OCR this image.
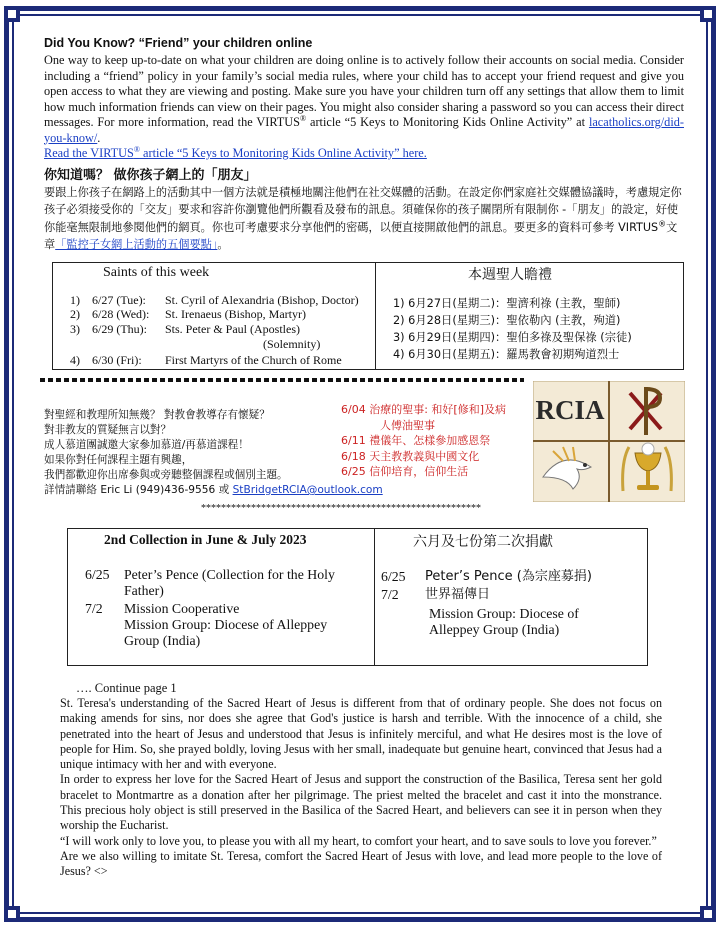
Did You Know? “Friend” your children online

One way to keep up-to-date on what your children are doing online is to actively follow their accounts on social media. Consider including a “friend” policy in your family’s social media rules, where your child has to accept your friend request and give you open access to what they are viewing and posting. Make sure you have your children turn off any settings that allow them to limit how much information friends can view on their pages. You might also consider sharing a password so you can access their direct messages. For more information, read the VIRTUS® article “5 Keys to Monitoring Kids Online Activity” at lacatholics.org/did-you-know/.
Read the VIRTUS® article “5 Keys to Monitoring Kids Online Activity” here.

你知道嗎？ 做你孩子網上的「朋友」

要跟上你孩子在網路上的活動其中一個方法就是積極地關注他們在社交媒體的活動。在設定你們家庭社交媒體協議時，考慮規定你孩子必須接受你的「交友」要求和容許你瀏覽他們所觀看及發布的訊息。須確保你的孩子關閉所有限制你 -「朋友」的設定，好使你能毫無限制地參閱他們的網頁。你也可考慮要求分享他們的密碼，以便直接開啟他們的訊息。要更多的資料可參考 VIRTUS®文章「監控子女網上活動的五個要點」。

Saints of this week
1) 6/27 (Tue): St. Cyril of Alexandria (Bishop, Doctor)
2) 6/28 (Wed): St. Irenaeus (Bishop, Martyr)
3) 6/29 (Thu): Sts. Peter & Paul (Apostles)
(Solemnity)
4) 6/30 (Fri): First Martyrs of the Church of Rome
本週聖人瞻禮
1) 6月27日(星期二)：聖濟利祿 (主教，聖師)
2) 6月28日(星期三)：聖依勒內 (主教，殉道)
3) 6月29日(星期四)：聖伯多祿及聖保祿 (宗徒)
4) 6月30日(星期五)：羅馬教會初期殉道烈士
對聖經和教理所知無幾？ 對教會教導存有懷疑？
對非教友的質疑無言以對？
成人慕道團誠邀大家參加慕道/再慕道課程！
如果你對任何課程主題有興趣，
我們都歡迎你出席參與或旁聽整個課程或個別主題。
詳情請聯絡 Eric Li (949)436-9556 或 StBridgetRCIA@outlook.com
6/04 治療的聖事: 和好[修和]及病
人傅油聖事
6/11 禮儀年、怎樣參加感恩祭
6/18 天主教教義與中國文化
6/25 信仰培育，信仰生活
RCIA
********************************************************
2nd Collection in June & July 2023
6/25 Peter’s Pence (Collection for the Holy
Father)
7/2 Mission Cooperative
Mission Group: Diocese of Alleppey
Group (India)
六月及七份第二次捐獻
6/25 Peter’s Pence (為宗座募捐)
7/2 世界福傳日
Mission Group: Diocese of
Alleppey Group (India)
…. Continue page 1

St. Teresa's understanding of the Sacred Heart of Jesus is different from that of ordinary people. She does not focus on making amends for sins, nor does she agree that God's justice is harsh and terrible. With the innocence of a child, she penetrated into the heart of Jesus and understood that Jesus is infinitely merciful, and what He desires most is the love of people for Him. So, she prayed boldly, loving Jesus with her small, inadequate but genuine heart, convinced that Jesus had a unique intimacy with her and with everyone.

In order to express her love for the Sacred Heart of Jesus and support the construction of the Basilica, Teresa sent her gold bracelet to Montmartre as a donation after her pilgrimage. The priest melted the bracelet and cast it into the monstrance. This precious holy object is still preserved in the Basilica of the Sacred Heart, and believers can see it in person when they worship the Eucharist.

“I will work only to love you, to please you with all my heart, to comfort your heart, and to save souls to love you forever.”

Are we also willing to imitate St. Teresa, comfort the Sacred Heart of Jesus with love, and lead more people to the love of Jesus? <>
